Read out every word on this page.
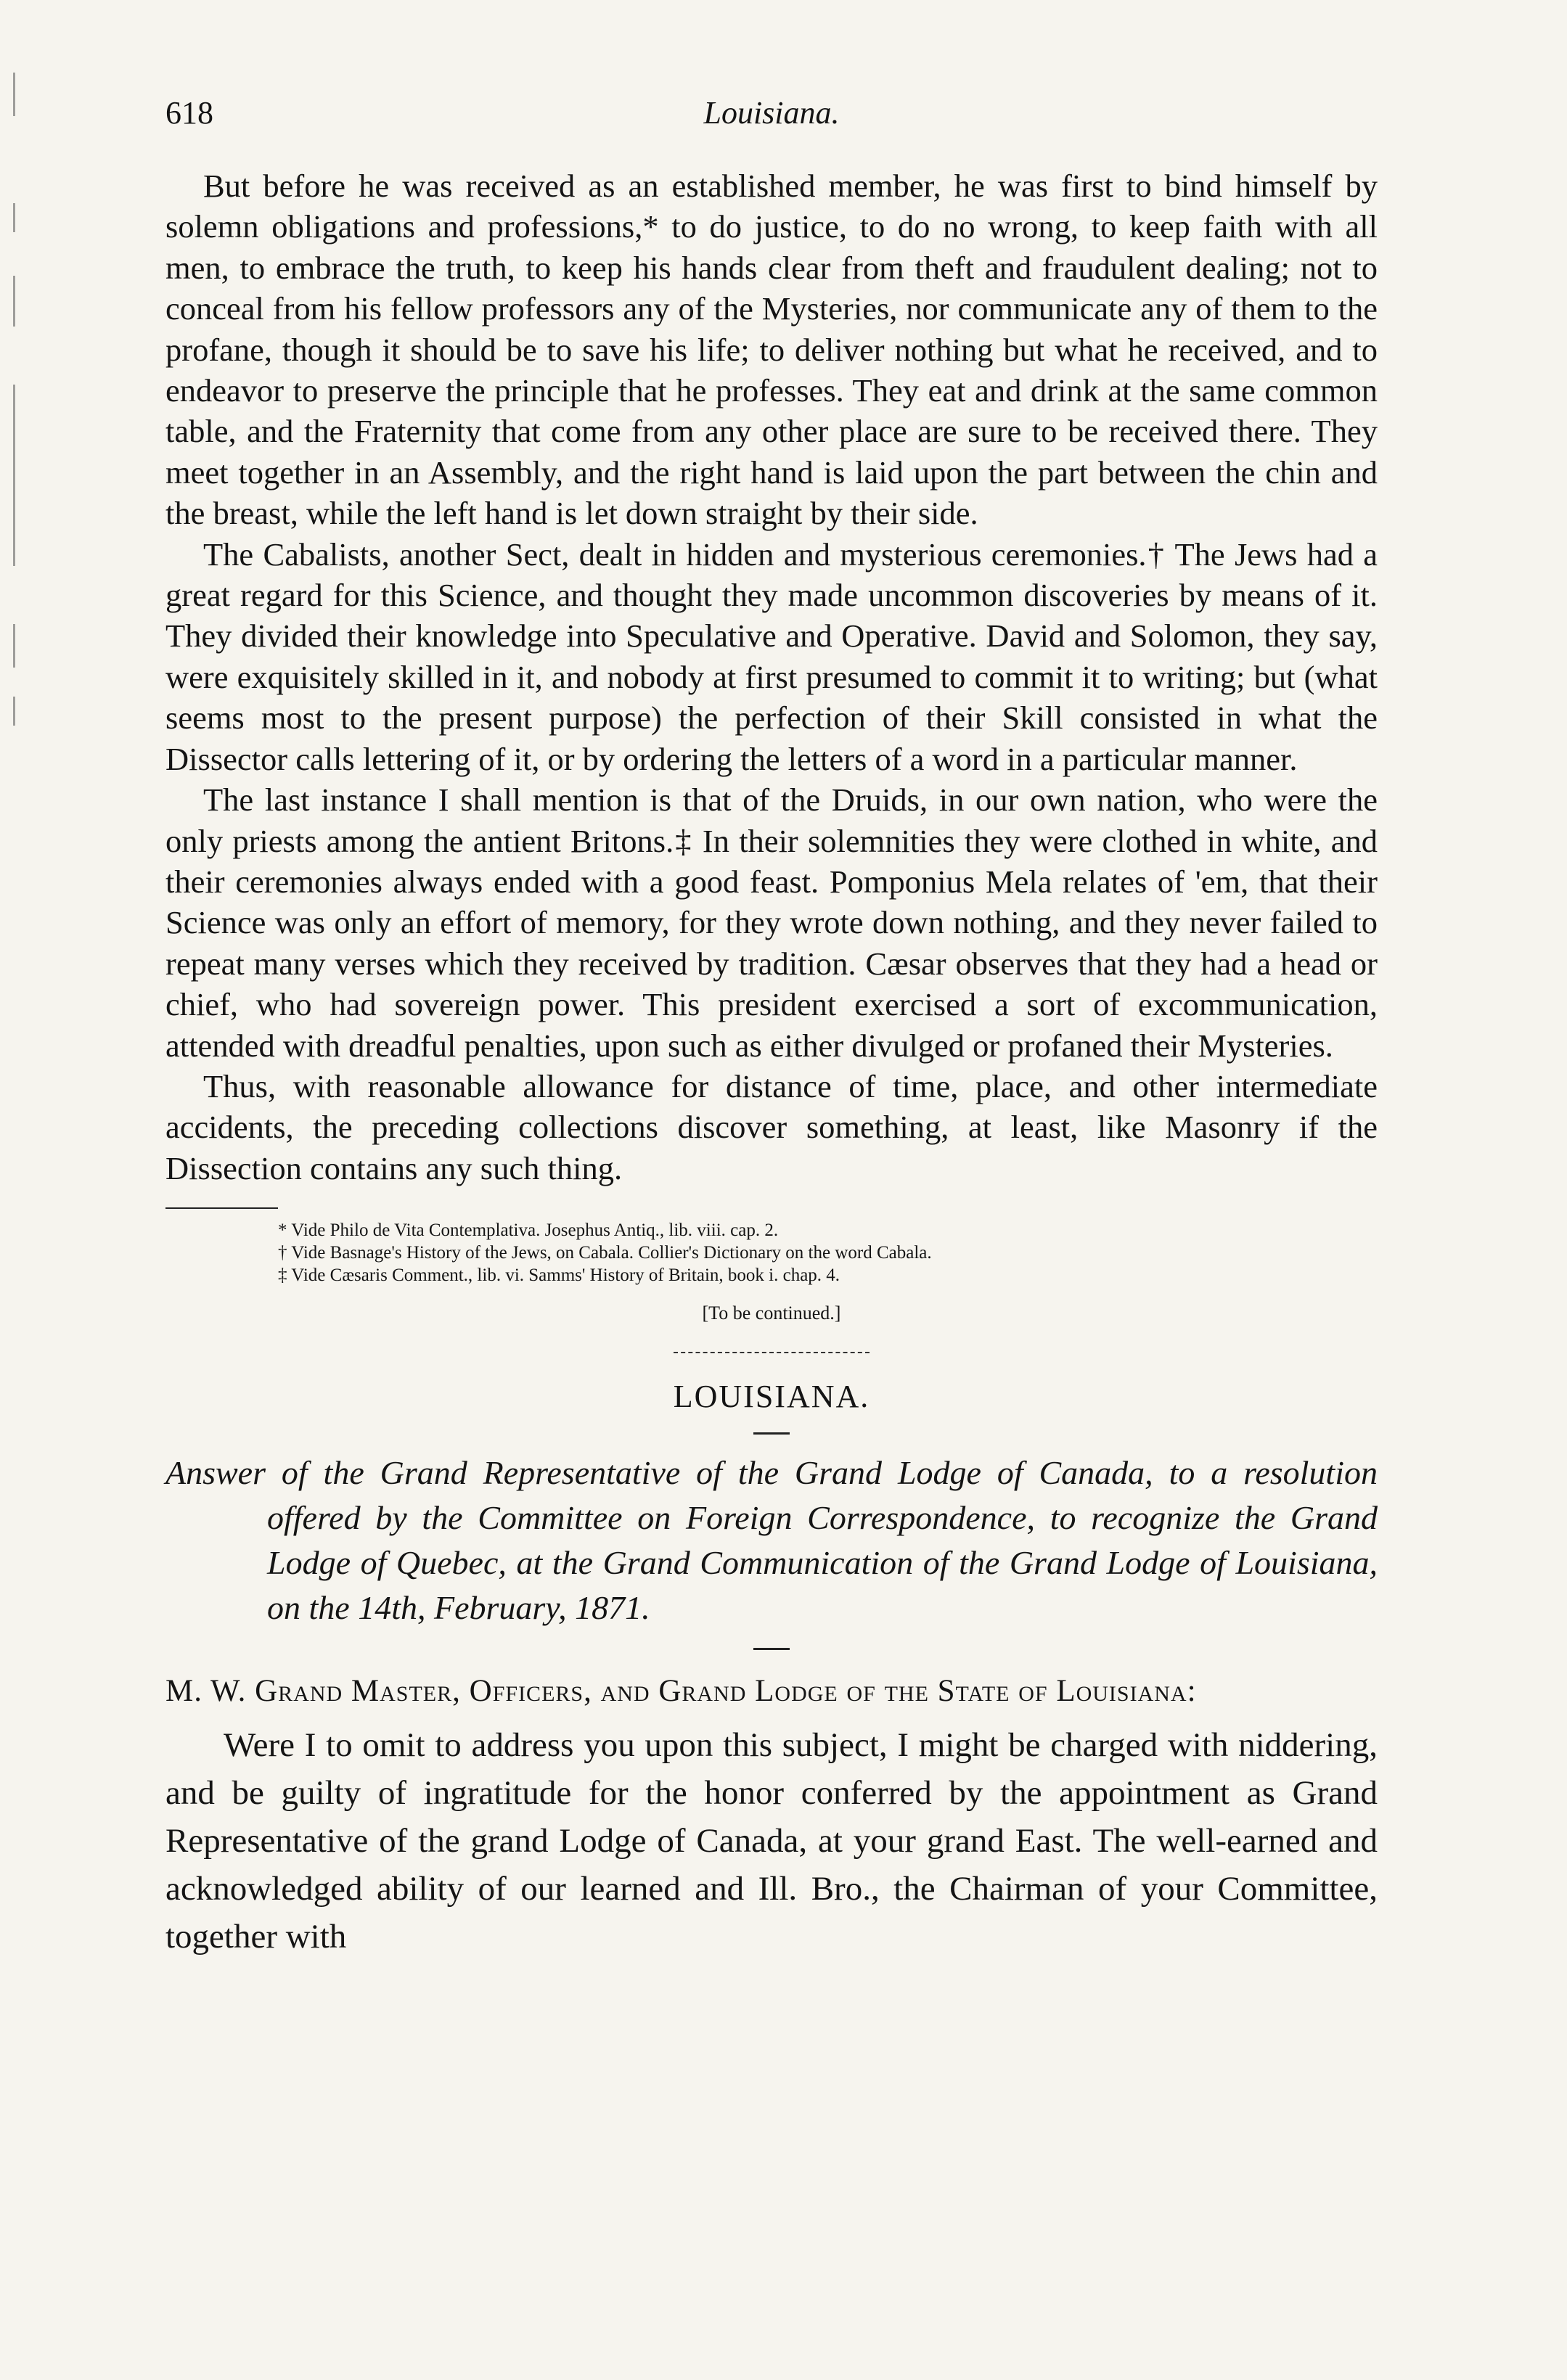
618	Louisiana.

But before he was received as an established member, he was first to bind himself by solemn obligations and professions,* to do justice, to do no wrong, to keep faith with all men, to embrace the truth, to keep his hands clear from theft and fraudulent dealing; not to conceal from his fellow professors any of the Mysteries, nor communicate any of them to the profane, though it should be to save his life; to deliver nothing but what he received, and to endeavor to preserve the principle that he professes. They eat and drink at the same common table, and the Fraternity that come from any other place are sure to be received there. They meet together in an Assembly, and the right hand is laid upon the part between the chin and the breast, while the left hand is let down straight by their side.

The Cabalists, another Sect, dealt in hidden and mysterious ceremonies.† The Jews had a great regard for this Science, and thought they made uncommon discoveries by means of it. They divided their knowledge into Speculative and Operative. David and Solomon, they say, were exquisitely skilled in it, and nobody at first presumed to commit it to writing; but (what seems most to the present purpose) the perfection of their Skill consisted in what the Dissector calls lettering of it, or by ordering the letters of a word in a particular manner.

The last instance I shall mention is that of the Druids, in our own nation, who were the only priests among the antient Britons.‡ In their solemnities they were clothed in white, and their ceremonies always ended with a good feast. Pomponius Mela relates of 'em, that their Science was only an effort of memory, for they wrote down nothing, and they never failed to repeat many verses which they received by tradition. Cæsar observes that they had a head or chief, who had sovereign power. This president exercised a sort of excommunication, attended with dreadful penalties, upon such as either divulged or profaned their Mysteries.

Thus, with reasonable allowance for distance of time, place, and other intermediate accidents, the preceding collections discover something, at least, like Masonry if the Dissection contains any such thing.

* Vide Philo de Vita Contemplativa. Josephus Antiq., lib. viii. cap. 2.
† Vide Basnage's History of the Jews, on Cabala. Collier's Dictionary on the word Cabala.
‡ Vide Cæsaris Comment., lib. vi. Samms' History of Britain, book i. chap. 4.
[To be continued.]
LOUISIANA.

Answer of the Grand Representative of the Grand Lodge of Canada, to a resolution offered by the Committee on Foreign Correspondence, to recognize the Grand Lodge of Quebec, at the Grand Communication of the Grand Lodge of Louisiana, on the 14th, February, 1871.

M. W. Grand Master, Officers, and Grand Lodge of the State of Louisiana:

Were I to omit to address you upon this subject, I might be charged with niddering, and be guilty of ingratitude for the honor conferred by the appointment as Grand Representative of the grand Lodge of Canada, at your grand East. The well-earned and acknowledged ability of our learned and Ill. Bro., the Chairman of your Committee, together with
